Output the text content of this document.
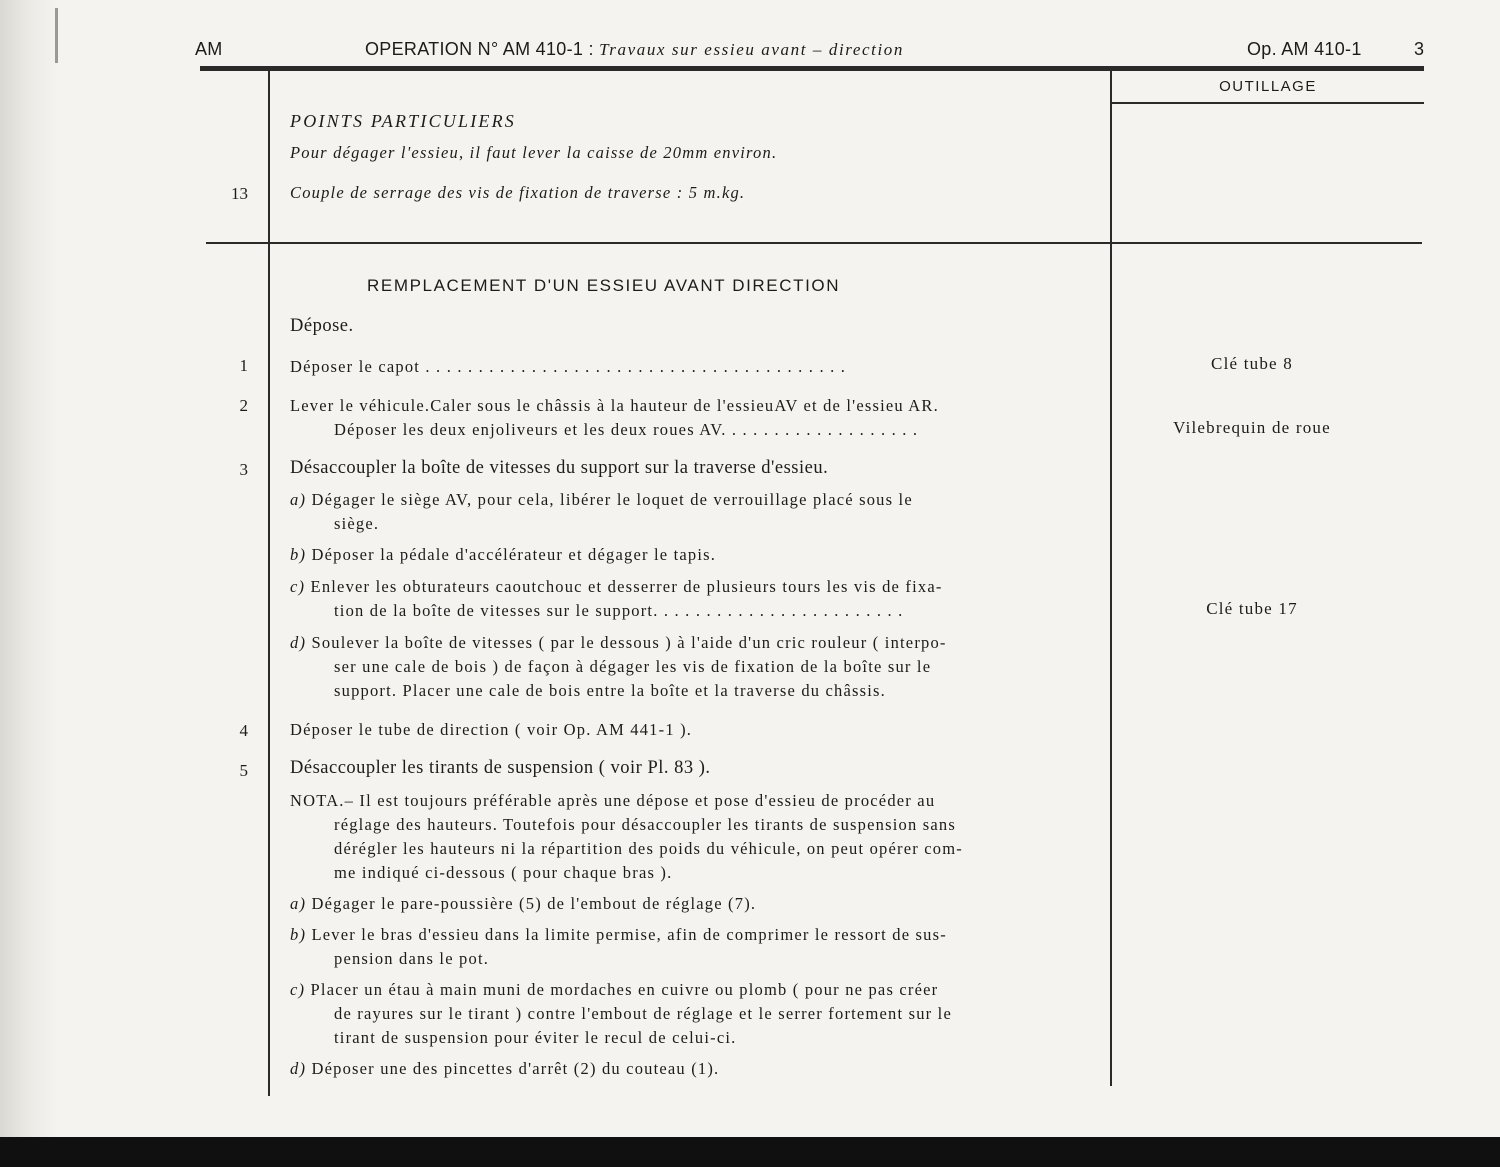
AM	OPERATION N° AM 410-1 : Travaux sur essieu avant – direction	Op. AM 410-1	3
OUTILLAGE
POINTS PARTICULIERS
Pour dégager l'essieu, il faut lever la caisse de 20mm environ.
13	Couple de serrage des vis de fixation de traverse : 5 m.kg.
REMPLACEMENT D'UN ESSIEU AVANT DIRECTION
Dépose.
1	Déposer le capot . . . . . . . . . . . . . . . . . . . . . . . . . . . . . . . . . . . . . . . .	Clé tube 8
2	Lever le véhicule.Caler sous le châssis à la hauteur de l'essieuAV et de l'essieu AR.
Déposer les deux enjoliveurs et les deux roues AV. . . . . . . . . . . . . . . . . . .	Vilebrequin de roue
3 Désaccoupler la boîte de vitesses du support sur la traverse d'essieu.
a) Dégager le siège AV, pour cela, libérer le loquet de verrouillage placé sous le
siège.
b) Déposer la pédale d'accélérateur et dégager le tapis.
c) Enlever les obturateurs caoutchouc et desserrer de plusieurs tours les vis de fixa-
tion de la boîte de vitesses sur le support. . . . . . . . . . . . . . . . . . . . . . . .	Clé tube 17
d) Soulever la boîte de vitesses ( par le dessous ) à l'aide d'un cric rouleur ( interpo-
ser une cale de bois ) de façon à dégager les vis de fixation de la boîte sur le
support. Placer une cale de bois entre la boîte et la traverse du châssis.
4	Déposer le tube de direction ( voir Op. AM 441-1 ).
5 Désaccoupler les tirants de suspension ( voir Pl. 83 ).
NOTA.– Il est toujours préférable après une dépose et pose d'essieu de procéder au
réglage des hauteurs. Toutefois pour désaccoupler les tirants de suspension sans
dérégler les hauteurs ni la répartition des poids du véhicule, on peut opérer com-
me indiqué ci-dessous ( pour chaque bras ).
a) Dégager le pare-poussière (5) de l'embout de réglage (7).
b) Lever le bras d'essieu dans la limite permise, afin de comprimer le ressort de sus-
pension dans le pot.
c) Placer un étau à main muni de mordaches en cuivre ou plomb ( pour ne pas créer
de rayures sur le tirant ) contre l'embout de réglage et le serrer fortement sur le
tirant de suspension pour éviter le recul de celui-ci.
d) Déposer une des pincettes d'arrêt (2) du couteau (1).
